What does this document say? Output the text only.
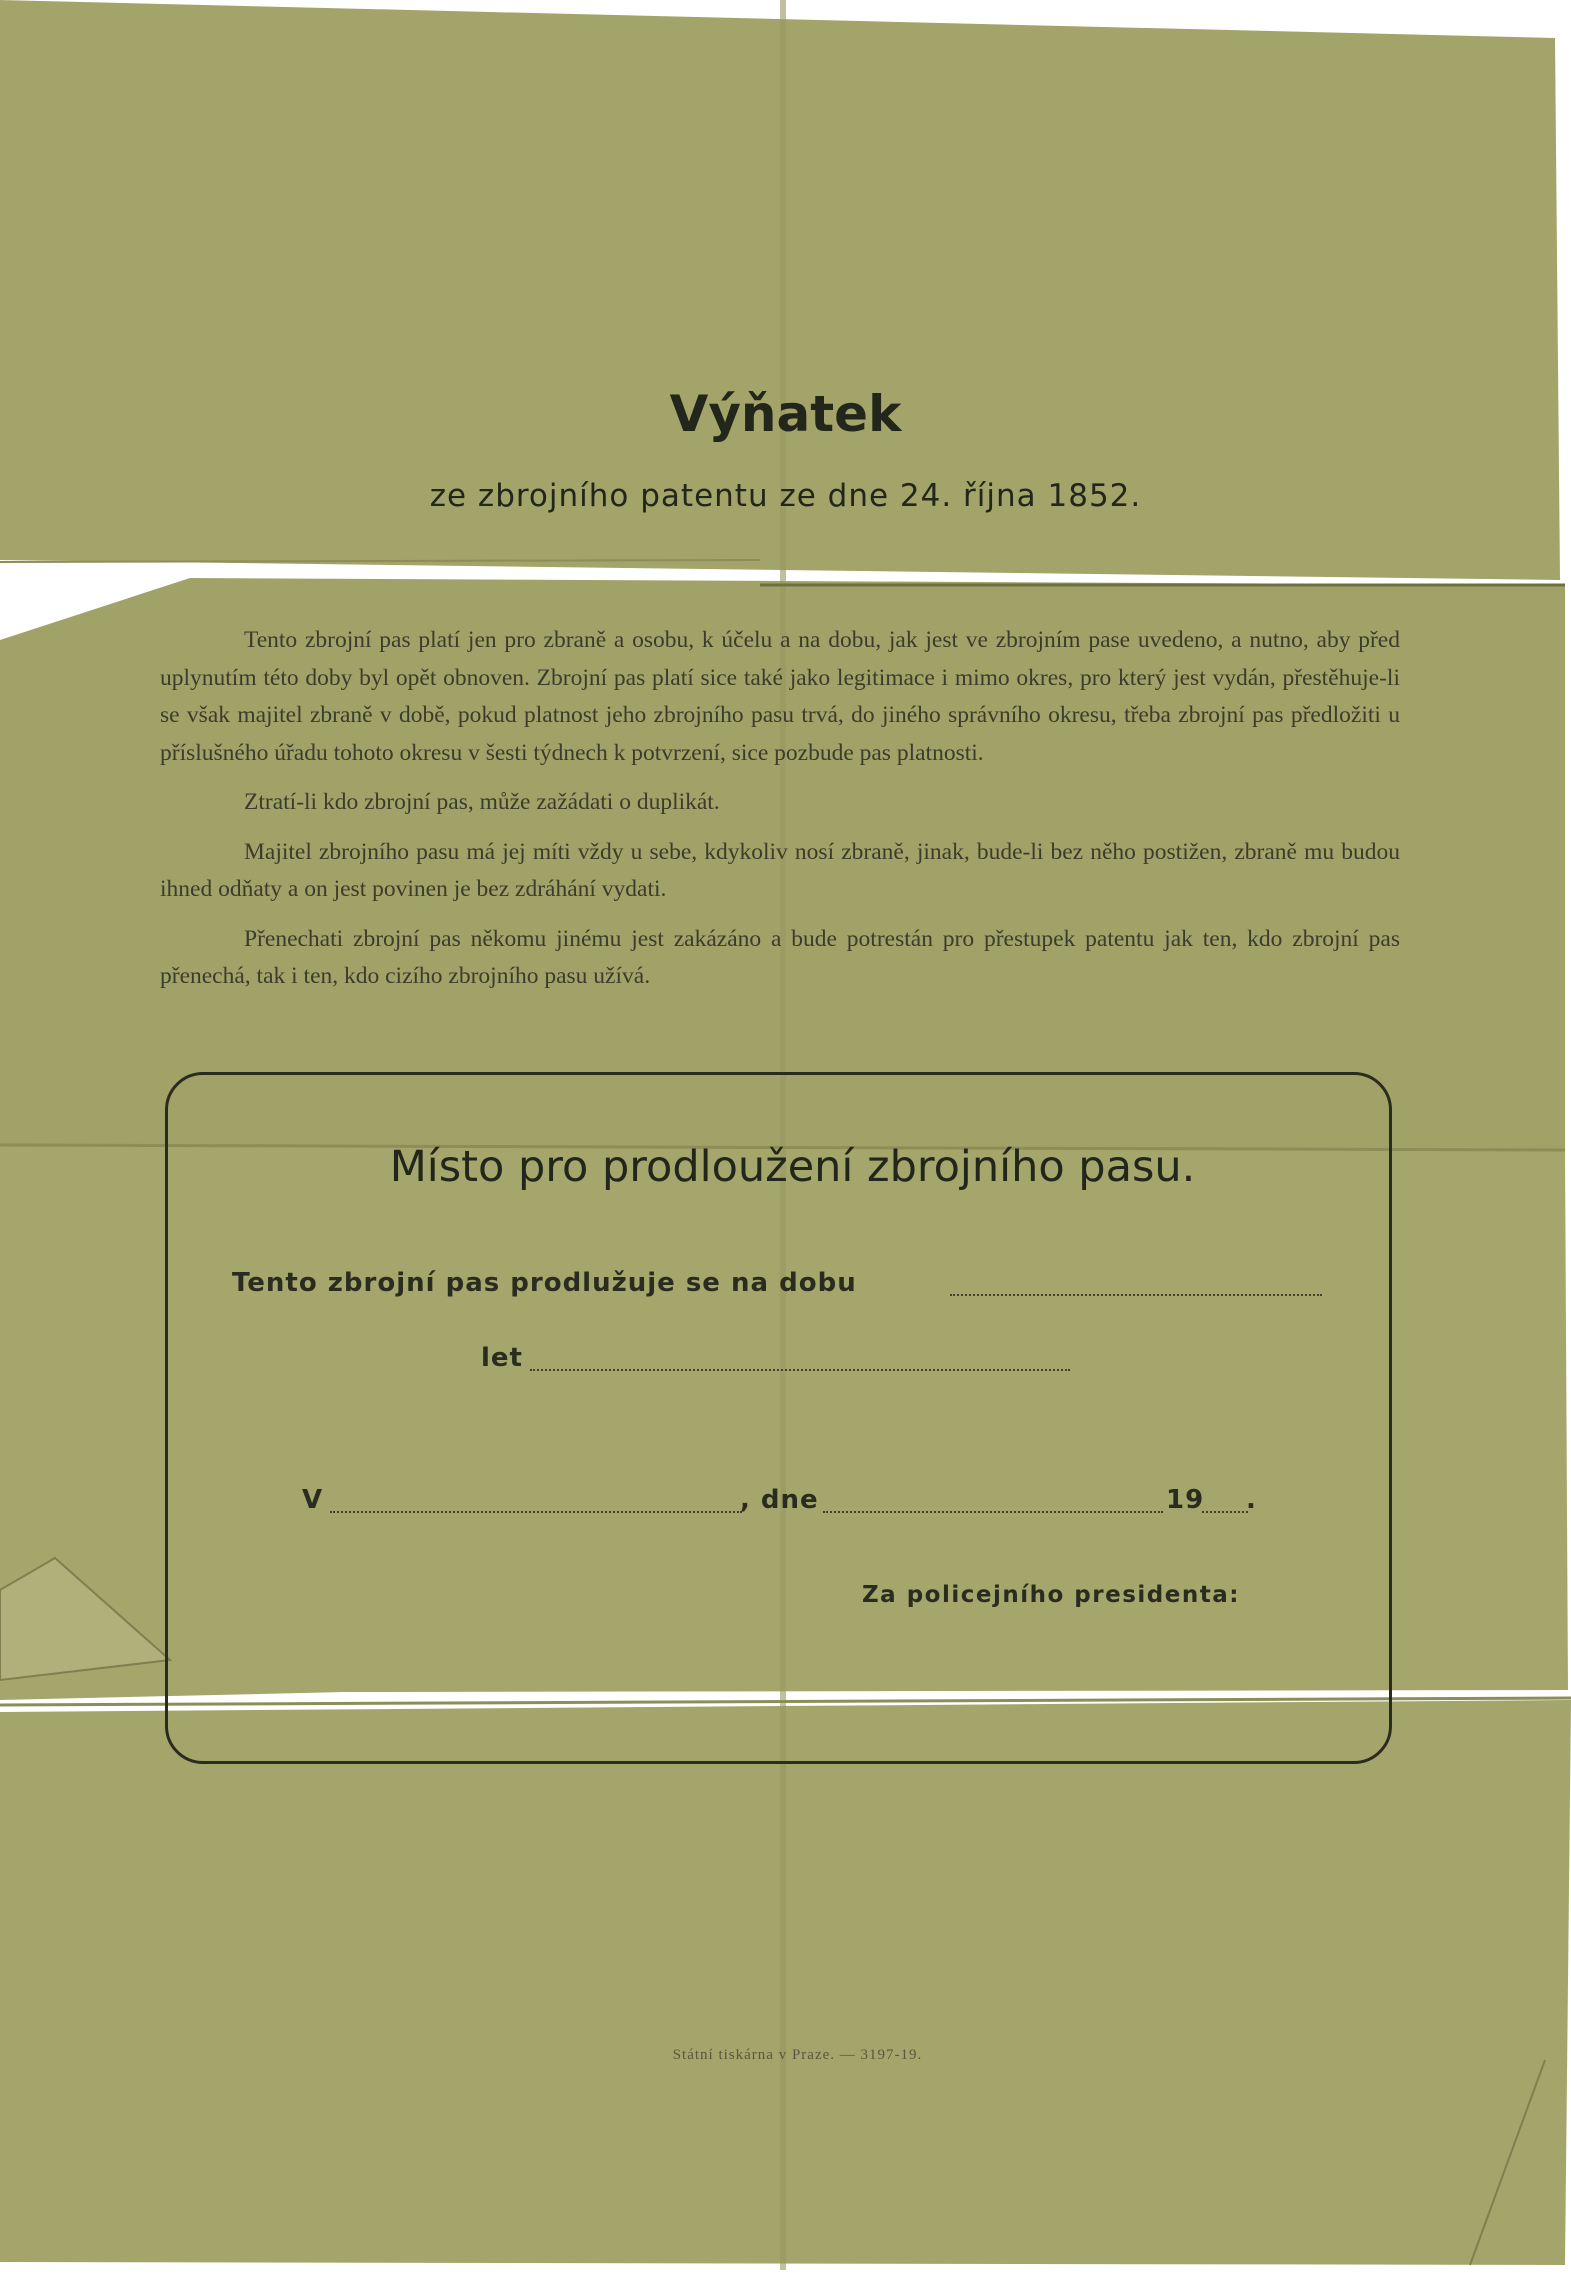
Výňatek
ze zbrojního patentu ze dne 24. října 1852.

Tento zbrojní pas platí jen pro zbraně a osobu, k účelu a na dobu, jak jest ve zbrojním pase uvedeno, a nutno, aby před uplynutím této doby byl opět obnoven. Zbrojní pas platí sice také jako legitimace i mimo okres, pro který jest vydán, přestěhuje-li se však majitel zbraně v době, pokud platnost jeho zbrojního pasu trvá, do jiného správního okresu, třeba zbrojní pas předložiti u příslušného úřadu tohoto okresu v šesti týdnech k potvrzení, sice pozbude pas platnosti.

Ztratí-li kdo zbrojní pas, může zažádati o duplikát.

Majitel zbrojního pasu má jej míti vždy u sebe, kdykoliv nosí zbraně, jinak, bude-li bez něho postižen, zbraně mu budou ihned odňaty a on jest povinen je bez zdráhání vydati.

Přenechati zbrojní pas někomu jinému jest zakázáno a bude potrestán pro přestupek patentu jak ten, kdo zbrojní pas přenechá, tak i ten, kdo cizího zbrojního pasu užívá.

Místo pro prodloužení zbrojního pasu.
Tento zbrojní pas prodlužuje se na dobu
let
V	, dne	19 .
Za policejního presidenta:
Státní tiskárna v Praze. — 3197-19.
